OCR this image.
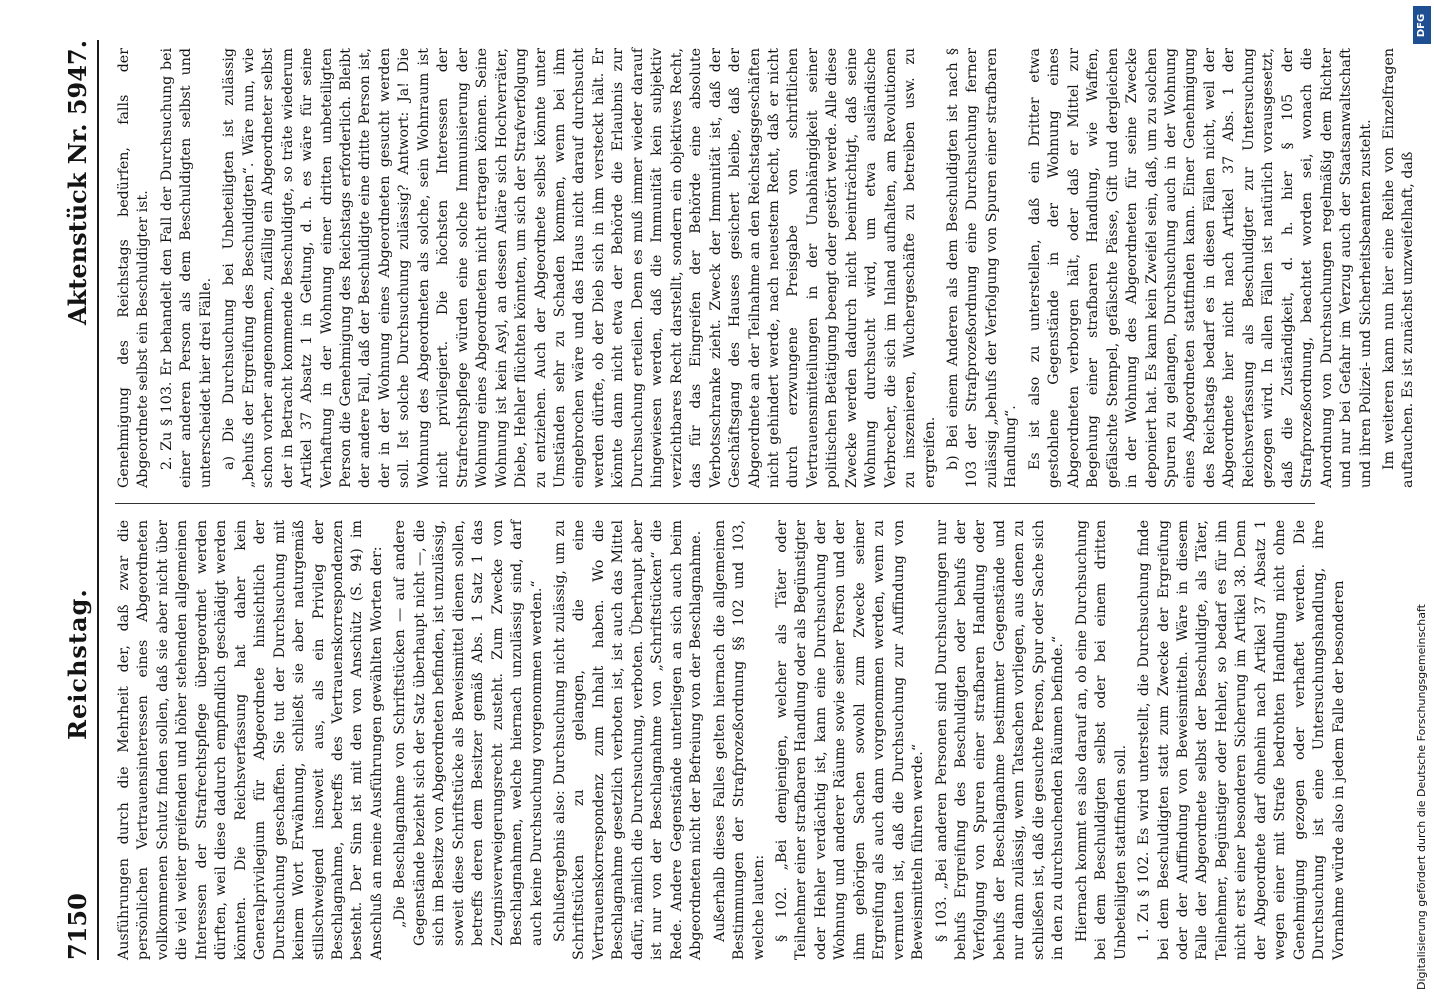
7150
Reichstag.
Aktenstück Nr. 5947.

Ausführungen durch die Mehrheit der, daß zwar die persönlichen Vertrauensinteressen eines Abgeordneten vollkommenen Schutz finden sollen, daß sie aber nicht über die viel weiter greifenden und höher stehenden allgemeinen Interessen der Strafrechtspflege übergeordnet werden dürften, weil diese dadurch empfindlich geschädigt werden könnten. Die Reichsverfassung hat daher kein Generalprivilegium für Abgeordnete hinsichtlich der Durchsuchung geschaffen. Sie tut der Durchsuchung mit keinem Wort Erwähnung, schließt sie aber naturgemäß stillschweigend insoweit aus, als ein Privileg der Beschlagnahme, betreffs des Vertrauenskorrespondenzen besteht. Der Sinn ist mit den von Anschütz (S. 94) im Anschluß an meine Ausführungen gewählten Worten der: „Die Beschlagnahme von Schriftstücken — auf andere Gegenstände bezieht sich der Satz überhaupt nicht —, die sich im Besitze von Abgeordneten befinden, ist unzulässig, soweit diese Schriftstücke als Beweismittel dienen sollen, betreffs deren dem Besitzer gemäß Abs. 1 Satz 1 das Zeugnisverweigerungsrecht zusteht. Zum Zwecke von Beschlagnahmen, welche hiernach unzulässig sind, darf auch keine Durchsuchung vorgenommen werden.“ Schlußergebnis also: Durchsuchung nicht zulässig, um zu Schriftstücken zu gelangen, die eine Vertrauenskorrespondenz zum Inhalt haben. Wo die Beschlagnahme gesetzlich verboten ist, ist auch das Mittel dafür, nämlich die Durchsuchung, verboten. Überhaupt aber ist nur von der Beschlagnahme von „Schriftstücken“ die Rede. Andere Gegenstände unterliegen an sich auch beim Abgeordneten nicht der Befreiung von der Beschlagnahme. Außerhalb dieses Falles gelten hiernach die allgemeinen Bestimmungen der Strafprozeßordnung §§ 102 und 103, welche lauten: § 102. „Bei demjenigen, welcher als Täter oder Teilnehmer einer strafbaren Handlung oder als Begünstigter oder Hehler verdächtig ist, kann eine Durchsuchung der Wohnung und anderer Räume sowie seiner Person und der ihm gehörigen Sachen sowohl zum Zwecke seiner Ergreifung als auch dann vorgenommen werden, wenn zu vermuten ist, daß die Durchsuchung zur Auffindung von Beweismitteln führen werde.“ § 103. „Bei anderen Personen sind Durchsuchungen nur behufs Ergreifung des Beschuldigten oder behufs der Verfolgung von Spuren einer strafbaren Handlung oder behufs der Beschlagnahme bestimmter Gegenstände und nur dann zulässig, wenn Tatsachen vorliegen, aus denen zu schließen ist, daß die gesuchte Person, Spur oder Sache sich in den zu durchsuchenden Räumen befinde.“ Hiernach kommt es also darauf an, ob eine Durchsuchung bei dem Beschuldigten selbst oder bei einem dritten Unbeteiligten stattfinden soll. 1. Zu § 102. Es wird unterstellt, die Durchsuchung finde bei dem Beschuldigten statt zum Zwecke der Ergreifung oder der Auffindung von Beweismitteln. Wäre in diesem Falle der Abgeordnete selbst der Beschuldigte, als Täter, Teilnehmer, Begünstiger oder Hehler, so bedarf es für ihn nicht erst einer besonderen Sicherung im Artikel 38. Denn der Abgeordnete darf ohnehin nach Artikel 37 Absatz 1 wegen einer mit Strafe bedrohten Handlung nicht ohne Genehmigung gezogen oder verhaftet werden. Die Durchsuchung ist eine Untersuchungshandlung, ihre Vornahme würde also in jedem Falle der besonderen

Genehmigung des Reichstags bedürfen, falls der Abgeordnete selbst ein Beschuldigter ist. 2. Zu § 103. Er behandelt den Fall der Durchsuchung bei einer anderen Person als dem Beschuldigten selbst und unterscheidet hier drei Fälle. a) Die Durchsuchung bei Unbeteiligten ist zulässig „behufs der Ergreifung des Beschuldigten“. Wäre nun, wie schon vorher angenommen, zufällig ein Abgeordneter selbst der in Betracht kommende Beschuldigte, so träte wiederum Artikel 37 Absatz 1 in Geltung, d. h. es wäre für seine Verhaftung in der Wohnung einer dritten unbeteiligten Person die Genehmigung des Reichstags erforderlich. Bleibt der andere Fall, daß der Beschuldigte eine dritte Person ist, der in der Wohnung eines Abgeordneten gesucht werden soll. Ist solche Durchsuchung zulässig? Antwort: Ja! Die Wohnung des Abgeordneten als solche, sein Wohnraum ist nicht privilegiert. Die höchsten Interessen der Strafrechtspflege würden eine solche Immunisierung der Wohnung eines Abgeordneten nicht ertragen können. Seine Wohnung ist kein Asyl, an dessen Altäre sich Hochverräter, Diebe, Hehler flüchten könnten, um sich der Strafverfolgung zu entziehen. Auch der Abgeordnete selbst könnte unter Umständen sehr zu Schaden kommen, wenn bei ihm eingebrochen wäre und das Haus nicht darauf durchsucht werden dürfte, ob der Dieb sich in ihm versteckt hält. Er könnte dann nicht etwa der Behörde die Erlaubnis zur Durchsuchung erteilen. Denn es muß immer wieder darauf hingewiesen werden, daß die Immunität kein subjektiv verzichtbares Recht darstellt, sondern ein objektives Recht, das für das Eingreifen der Behörde eine absolute Verbotsschranke zieht. Zweck der Immunität ist, daß der Geschäftsgang des Hauses gesichert bleibe, daß der Abgeordnete an der Teilnahme an den Reichstagsgeschäften nicht gehindert werde, nach neuestem Recht, daß er nicht durch erzwungene Preisgabe von schriftlichen Vertrauensmitteilungen in der Unabhängigkeit seiner politischen Betätigung beengt oder gestört werde. Alle diese Zwecke werden dadurch nicht beeinträchtigt, daß seine Wohnung durchsucht wird, um etwa ausländische Verbrecher, die sich im Inland aufhalten, am Revolutionen zu inszenieren, Wuchergeschäfte zu betreiben usw. zu ergreifen. b) Bei einem Anderen als dem Beschuldigten ist nach § 103 der Strafprozeßordnung eine Durchsuchung ferner zulässig „behufs der Verfolgung von Spuren einer strafbaren Handlung“. Es ist also zu unterstellen, daß ein Dritter etwa gestohlene Gegenstände in der Wohnung eines Abgeordneten verborgen hält, oder daß er Mittel zur Begehung einer strafbaren Handlung, wie Waffen, gefälschte Stempel, gefälschte Pässe, Gift und dergleichen in der Wohnung des Abgeordneten für seine Zwecke deponiert hat. Es kann kein Zweifel sein, daß, um zu solchen Spuren zu gelangen, Durchsuchung auch in der Wohnung eines Abgeordneten stattfinden kann. Einer Genehmigung des Reichstags bedarf es in diesen Fällen nicht, weil der Abgeordnete hier nicht nach Artikel 37 Abs. 1 der Reichsverfassung als Beschuldigter zur Untersuchung gezogen wird. In allen Fällen ist natürlich vorausgesetzt, daß die Zuständigkeit, d. h. hier § 105 der Strafprozeßordnung, beachtet worden sei, wonach die Anordnung von Durchsuchungen regelmäßig dem Richter und nur bei Gefahr im Verzug auch der Staatsanwaltschaft und ihren Polizei- und Sicherheitsbeamten zusteht. Im weiteren kann nun hier eine Reihe von Einzelfragen auftauchen. Es ist zunächst unzweifelhaft, daß

Digitalisierung gefördert durch die Deutsche Forschungsgemeinschaft
DFG
